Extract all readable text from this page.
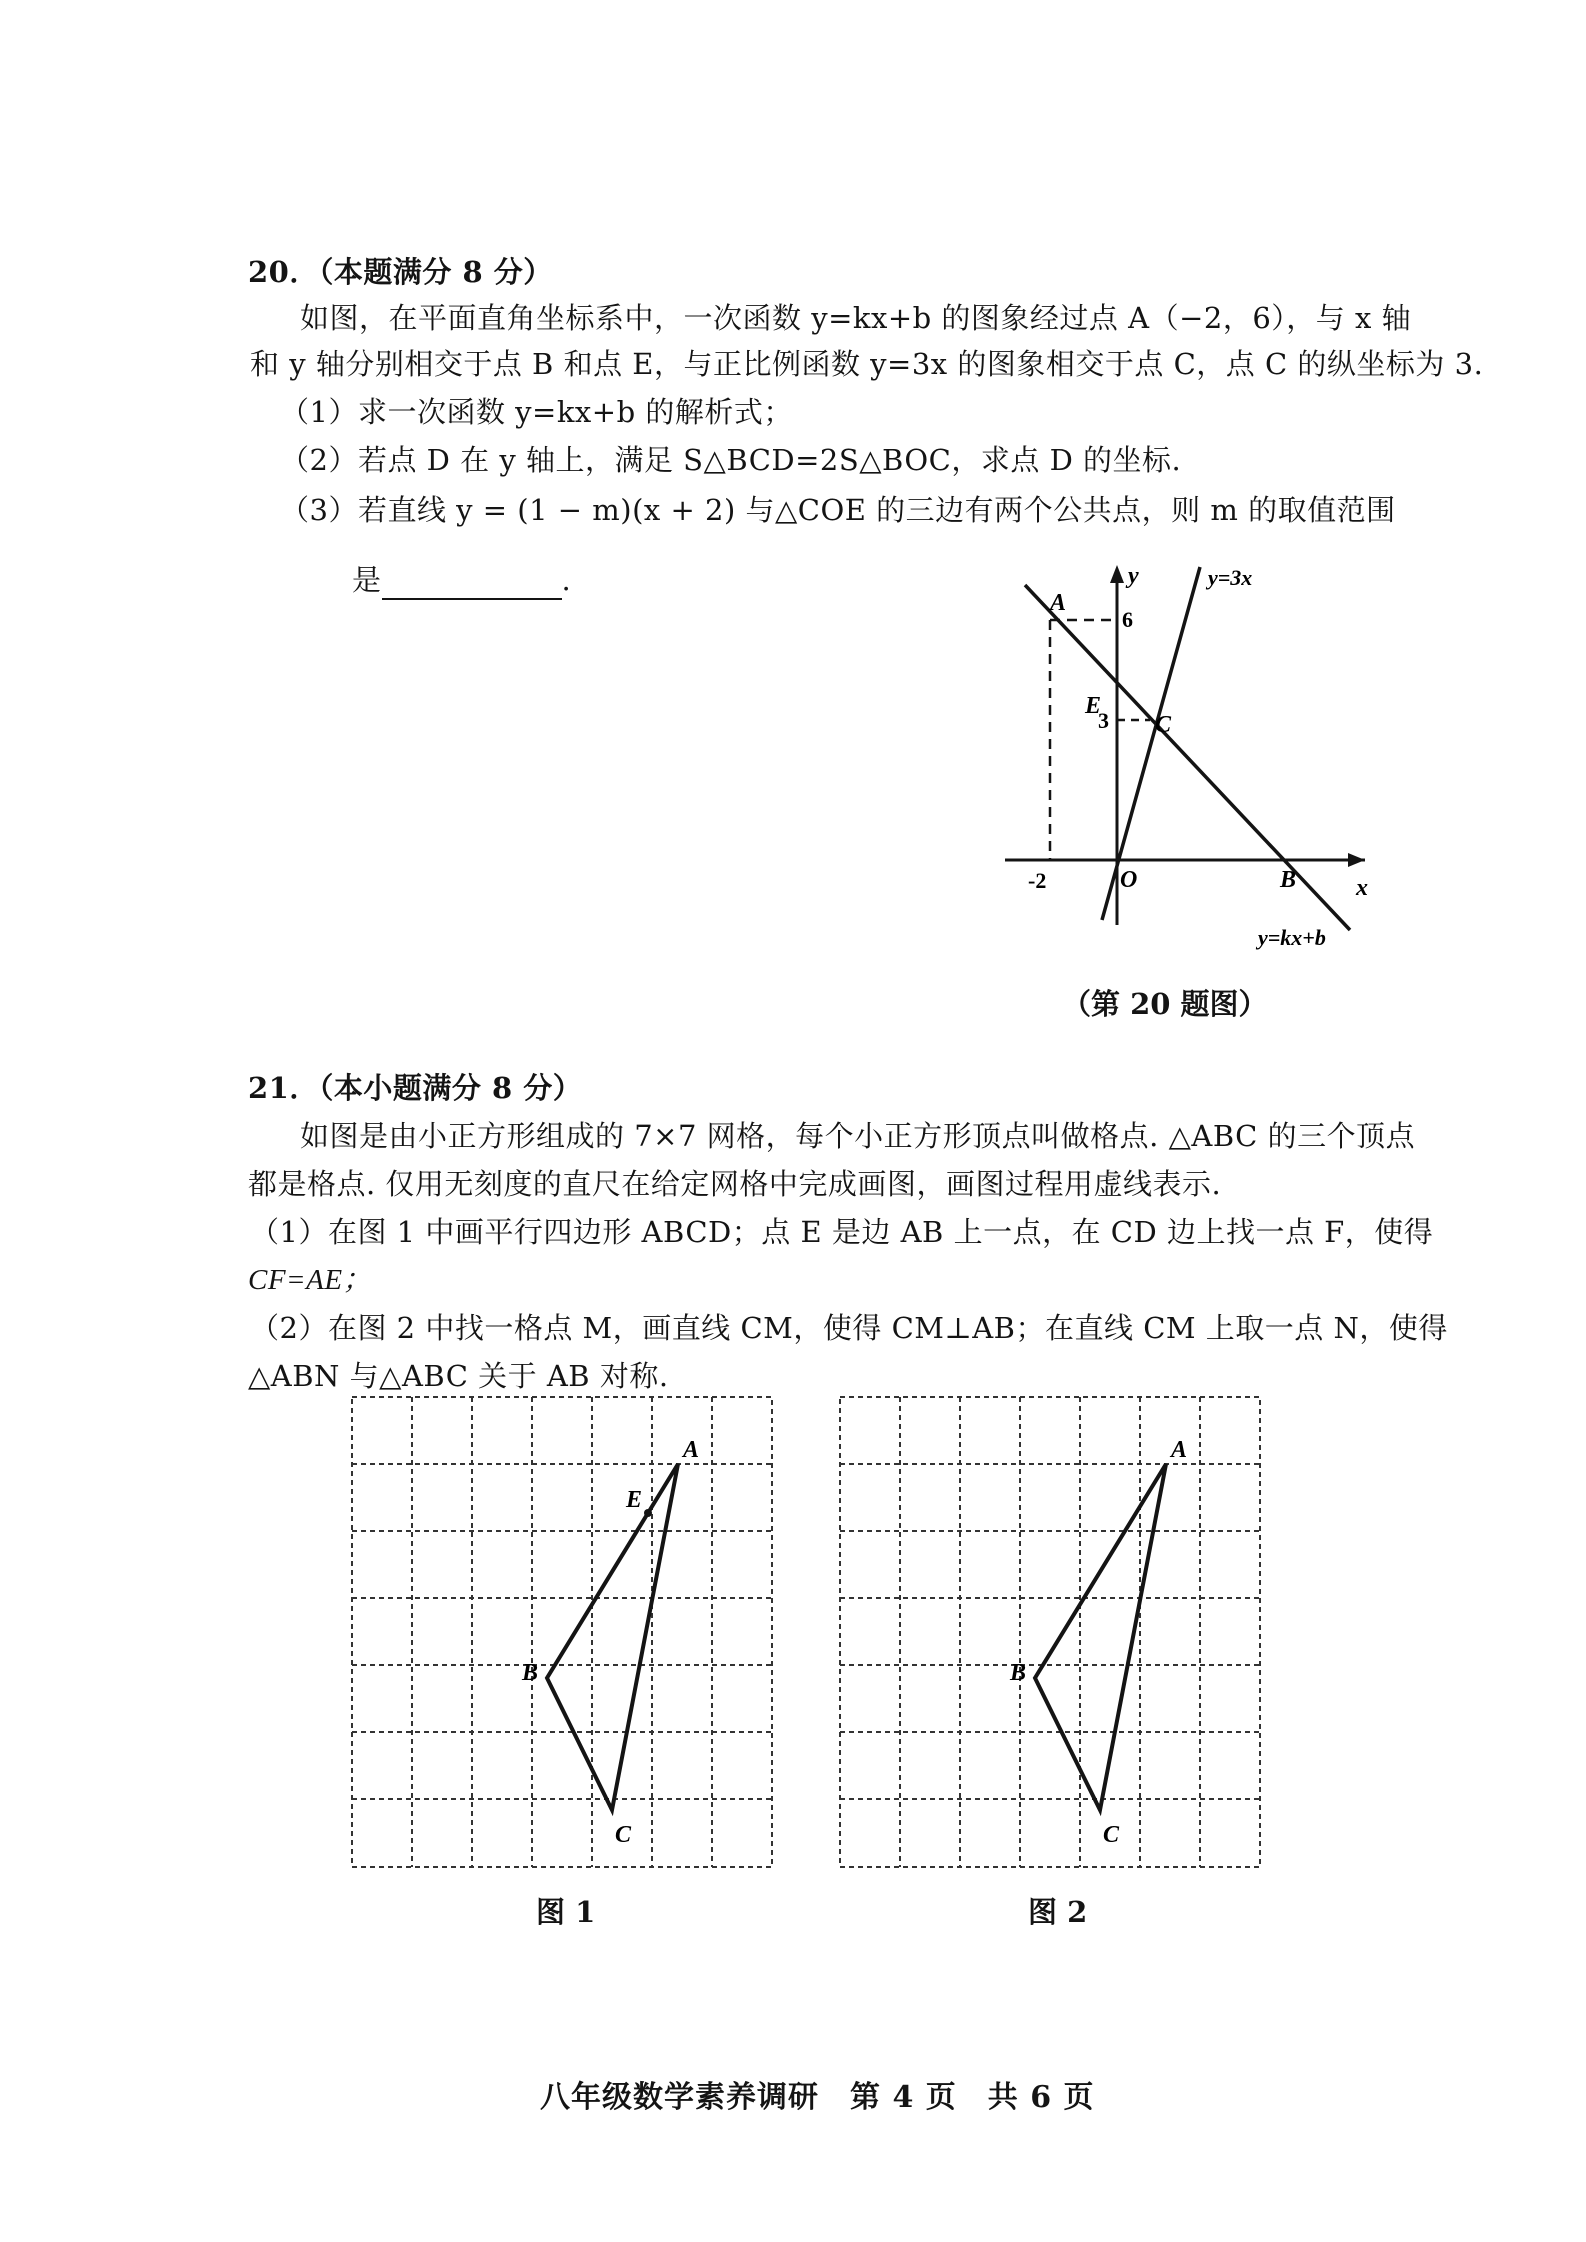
20．（本题满分 8 分）
如图，在平面直角坐标系中，一次函数 y=kx+b 的图象经过点 A（−2，6），与 x 轴
和 y 轴分别相交于点 B 和点 E，与正比例函数 y=3x 的图象相交于点 C，点 C 的纵坐标为 3.
（1）求一次函数 y=kx+b 的解析式；
（2）若点 D 在 y 轴上，满足 S△BCD=2S△BOC，求点 D 的坐标.
（3）若直线 y = (1 − m)(x + 2) 与△COE 的三边有两个公共点，则 m 的取值范围
是	.
A
E
C
B
O	x
y
6
3
-2
y=3x
y=kx+b
（第 20 题图）
21．（本小题满分 8 分）
如图是由小正方形组成的 7×7 网格，每个小正方形顶点叫做格点. △ABC 的三个顶点
都是格点. 仅用无刻度的直尺在给定网格中完成画图，画图过程用虚线表示.
（1）在图 1 中画平行四边形 ABCD；点 E 是边 AB 上一点，在 CD 边上找一点 F，使得
CF=AE；
（2）在图 2 中找一格点 M，画直线 CM，使得 CM⊥AB；在直线 CM 上取一点 N，使得
△ABN 与△ABC 关于 AB 对称.
A
B
C
E
图 1
A
B
C
图 2
八年级数学素养调研　第 4 页　共 6 页
